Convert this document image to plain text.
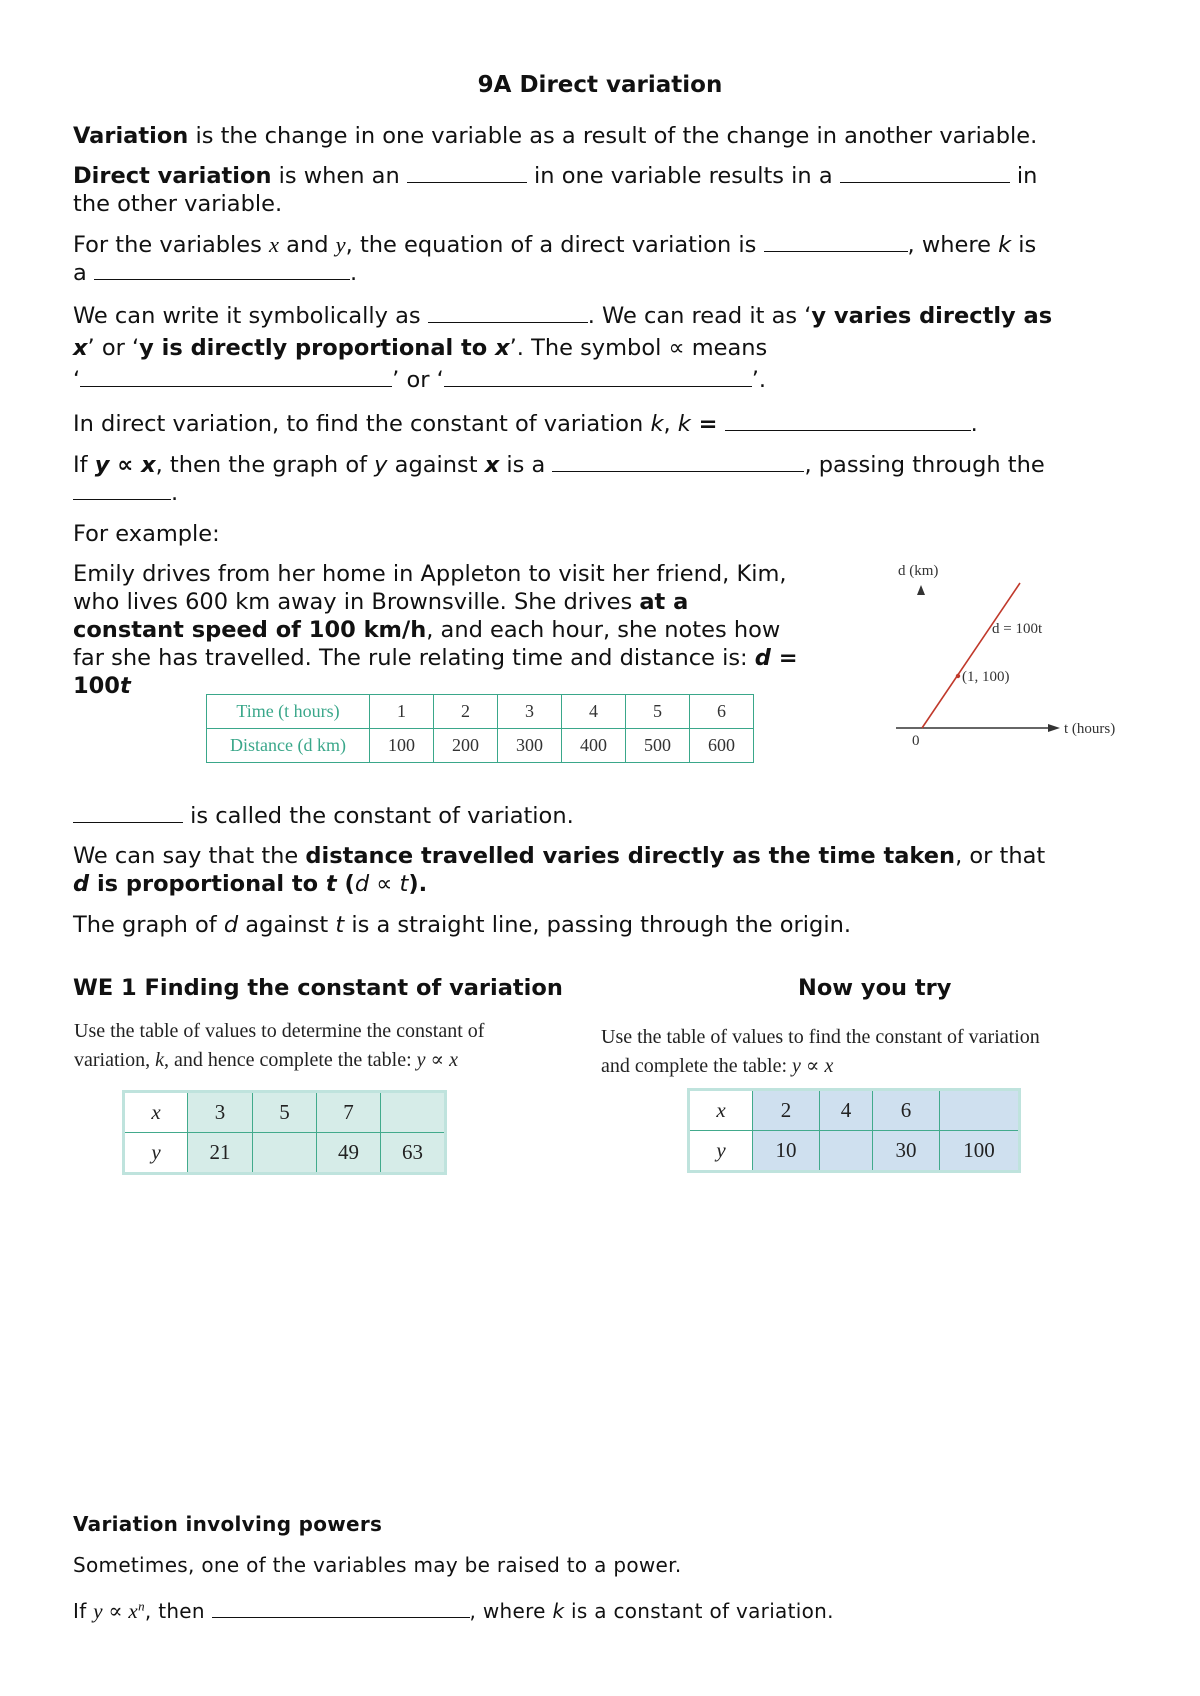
9A Direct variation

Variation is the change in one variable as a result of the change in another variable.

Direct variation is when an	in one variable results in a	in
the other variable.

For the variables x and y, the equation of a direct variation is	, where k is
a	.

We can write it symbolically as	. We can read it as ‘y varies directly as
x’ or ‘y is directly proportional to x’. The symbol ∝ means
‘	’ or ‘	’.

In direct variation, to find the constant of variation k, k =	.

If y ∝ x, then the graph of y against x is a	, passing through the
.

For example:

Emily drives from her home in Appleton to visit her friend, Kim,
who lives 600 km away in Brownsville. She drives at a
constant speed of 100 km/h, and each hour, she notes how
far she has travelled. The rule relating time and distance is: d =
100t

Time (t hours)	1	2	3	4	5	6
Distance (d km)	100	200	300	400	500	600
d (km)
t (hours)
0
d = 100t
(1, 100)

is called the constant of variation.

We can say that the distance travelled varies directly as the time taken, or that
d is proportional to t (d ∝ t).

The graph of d against t is a straight line, passing through the origin.

WE 1 Finding the constant of variation

Use the table of values to determine the constant of
variation, k, and hence complete the table: y ∝ x

x	3	5	7	
y	21		49	63
Now you try

Use the table of values to find the constant of variation
and complete the table: y ∝ x

x	2	4	6	
y	10		30	100
Variation involving powers

Sometimes, one of the variables may be raised to a power.

If $y \propto x^n$, then	, where k is a constant of variation.
